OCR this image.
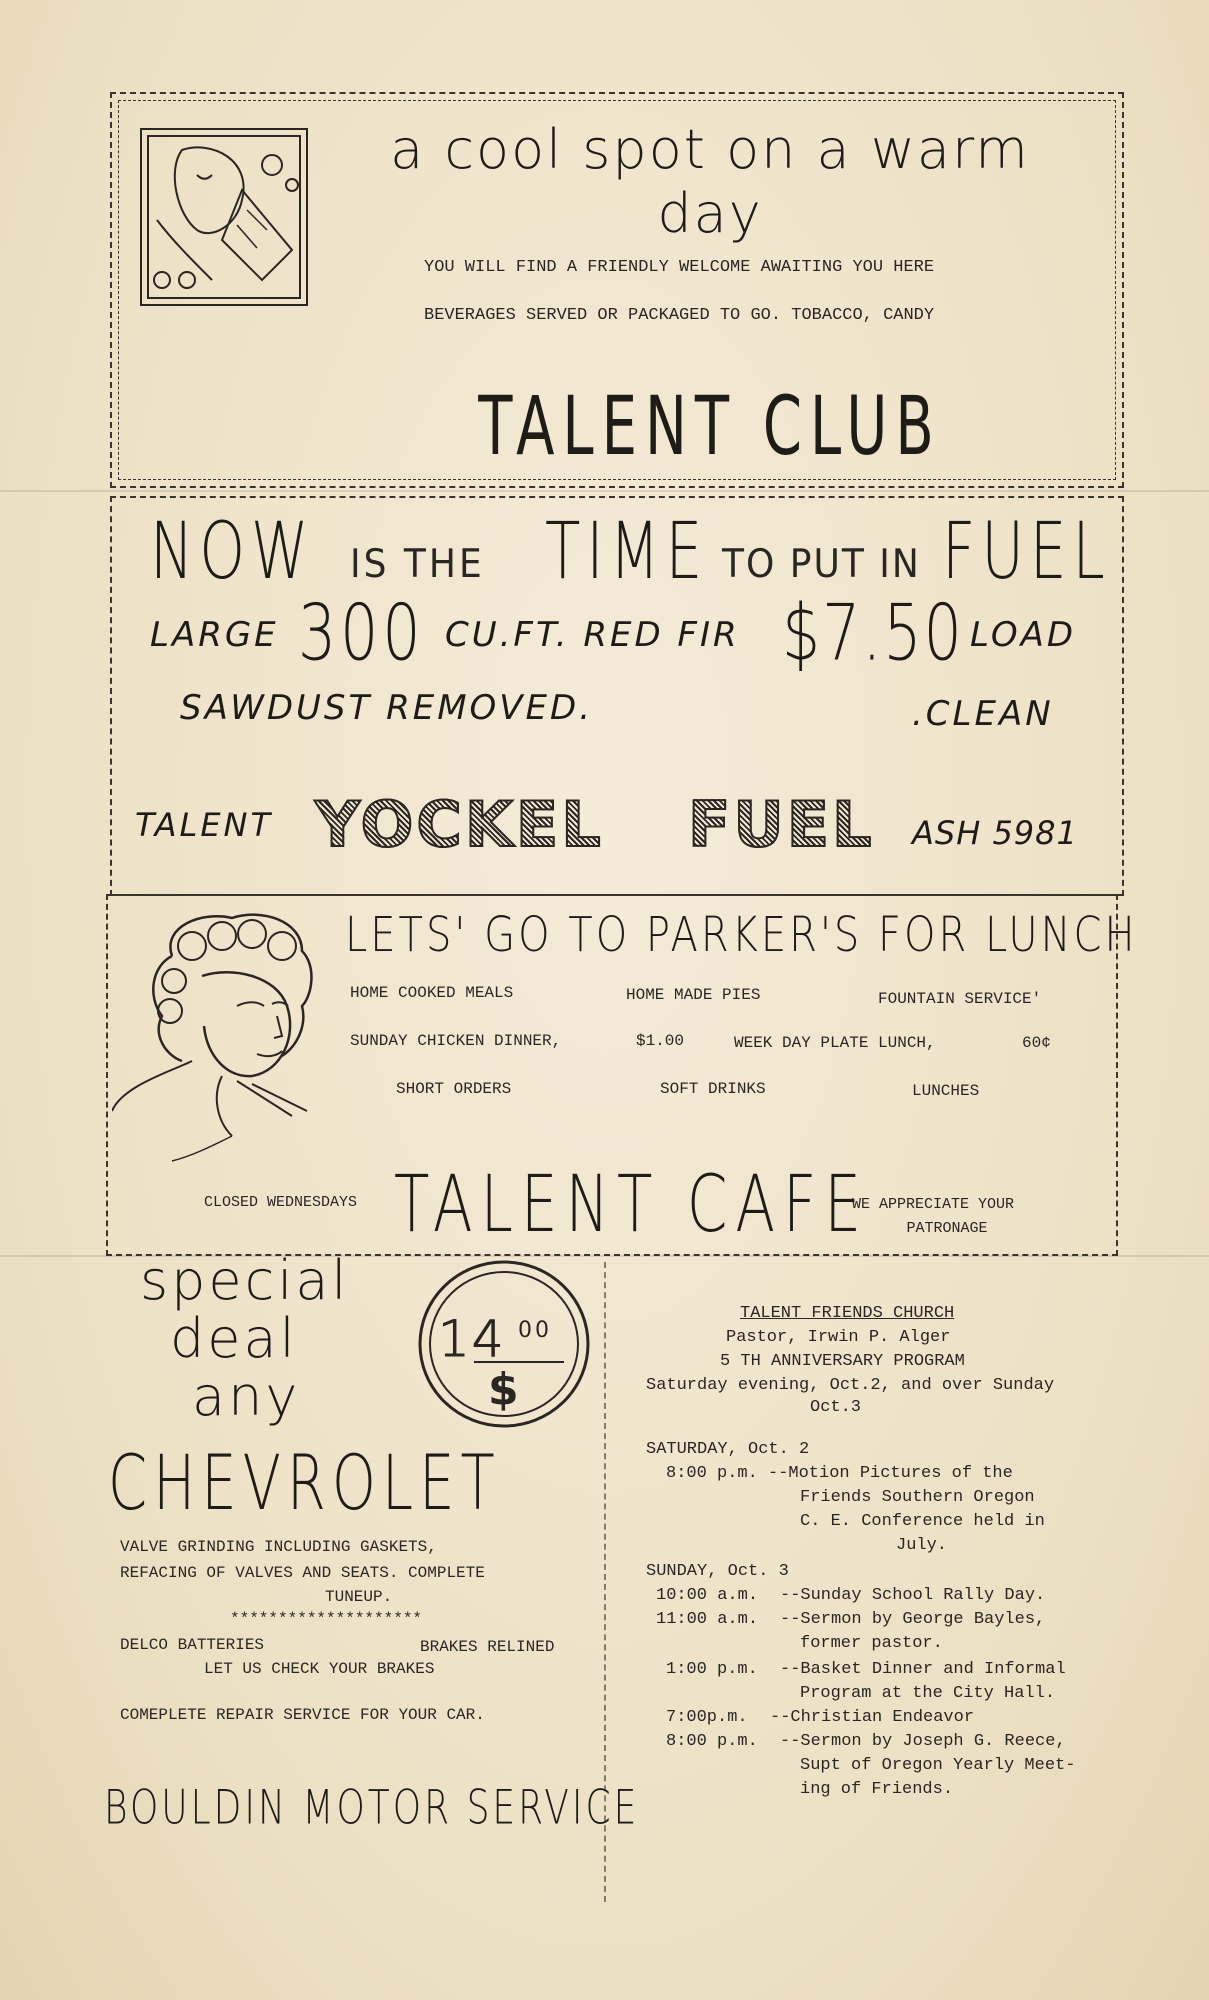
a cool spot on a warm
day
YOU WILL FIND A FRIENDLY WELCOME AWAITING YOU HERE
BEVERAGES SERVED OR PACKAGED TO GO. TOBACCO, CANDY
TALENT CLUB
NOW IS THE TIME TO PUT IN FUEL
LARGE 300 CU.FT. RED FIR $7.50 LOAD
SAWDUST REMOVED.	.CLEAN
TALENT YOCKEL FUEL ASH 5981
LETS' GO TO PARKER'S FOR LUNCH
HOME COOKED MEALS	HOME MADE PIES	FOUNTAIN SERVICE'
SUNDAY CHICKEN DINNER,	$1.00	WEEK DAY PLATE LUNCH,	60¢
SHORT ORDERS	SOFT DRINKS	LUNCHES
CLOSED WEDNESDAYS TALENT CAFE
WE APPRECIATE YOUR
PATRONAGE
special
deal
any
14 00
$
CHEVROLET
VALVE GRINDING INCLUDING GASKETS,
REFACING OF VALVES AND SEATS. COMPLETE
TUNEUP.
********************
DELCO BATTERIES	BRAKES RELINED
LET US CHECK YOUR BRAKES
COMEPLETE REPAIR SERVICE FOR YOUR CAR.
BOULDIN MOTOR SERVICE
TALENT FRIENDS CHURCH
Pastor, Irwin P. Alger
5 TH ANNIVERSARY PROGRAM
Saturday evening, Oct.2, and over Sunday
Oct.3
SATURDAY, Oct. 2
8:00 p.m. --Motion Pictures of the
Friends Southern Oregon
C. E. Conference held in
July.
SUNDAY, Oct. 3
10:00 a.m. --Sunday School Rally Day.
11:00 a.m. --Sermon by George Bayles,
former pastor.
1:00 p.m. --Basket Dinner and Informal
Program at the City Hall.
7:00p.m. --Christian Endeavor
8:00 p.m. --Sermon by Joseph G. Reece,
Supt of Oregon Yearly Meet-
ing of Friends.
